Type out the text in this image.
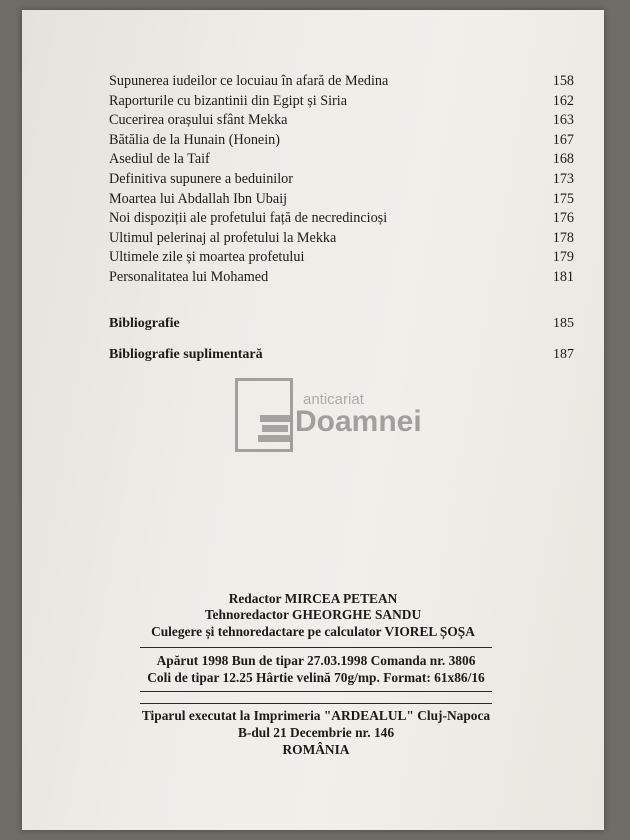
Supunerea iudeilor ce locuiau în afară de Medina	158
Raporturile cu bizantinii din Egipt și Siria	162
Cucerirea orașului sfânt Mekka	163
Bătălia de la Hunain (Honein)	167
Asediul de la Taif	168
Definitiva supunere a beduinilor	173
Moartea lui Abdallah Ibn Ubaij	175
Noi dispoziții ale profetului față de necredincioși	176
Ultimul pelerinaj al profetului la Mekka	178
Ultimele zile și moartea profetului	179
Personalitatea lui Mohamed	181
Bibliografie	185
Bibliografie suplimentară	187
anticariat
Doamnei
Redactor MIRCEA PETEAN
Tehnoredactor GHEORGHE SANDU
Culegere și tehnoredactare pe calculator VIOREL ȘOȘA
Apărut 1998 Bun de tipar 27.03.1998 Comanda nr. 3806
Coli de tipar 12.25 Hârtie velină 70g/mp. Format: 61x86/16
Tiparul executat la Imprimeria "ARDEALUL" Cluj-Napoca
B-dul 21 Decembrie nr. 146
ROMÂNIA
